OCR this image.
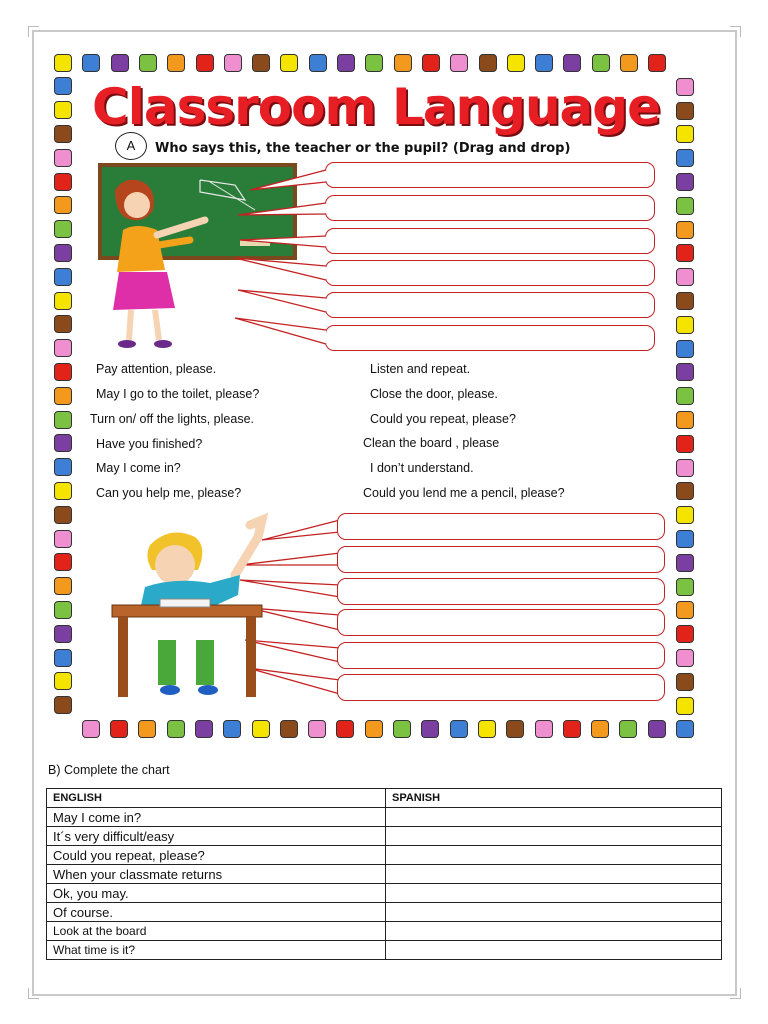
Classroom Language
A	Who says this, the teacher or the pupil? (Drag and drop)
Pay attention, please.	Listen and repeat.
May I go to the toilet, please?	Close the door, please.
Turn on/ off the lights, please.	Could you repeat, please?
Have you finished?	Clean the board , please
May I come in?	I don’t understand.
Can you help me, please?	Could you lend me a pencil, please?
B) Complete the chart
ENGLISH	SPANISH
May I come in?	
It´s very difficult/easy	
Could you repeat, please?	
When your classmate returns	
Ok, you may.	
Of course.	
Look at the board	
What time is it?	
